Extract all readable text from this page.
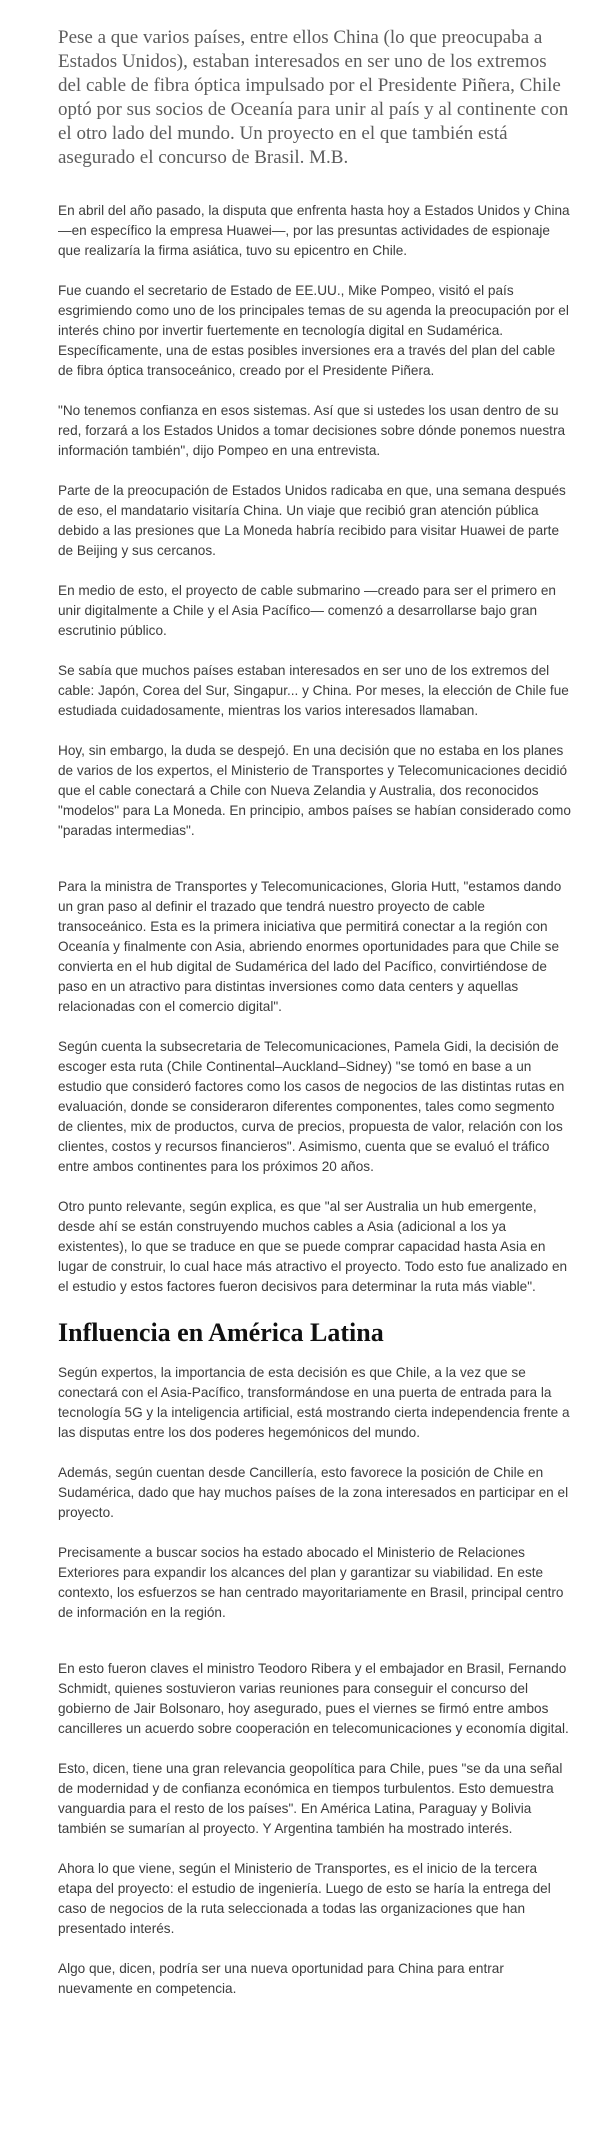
Pese a que varios países, entre ellos China (lo que preocupaba a Estados Unidos), estaban interesados en ser uno de los extremos del cable de fibra óptica impulsado por el Presidente Piñera, Chile optó por sus socios de Oceanía para unir al país y al continente con el otro lado del mundo. Un proyecto en el que también está asegurado el concurso de Brasil. M.B.

En abril del año pasado, la disputa que enfrenta hasta hoy a Estados Unidos y China —en específico la empresa Huawei—, por las presuntas actividades de espionaje que realizaría la firma asiática, tuvo su epicentro en Chile.

Fue cuando el secretario de Estado de EE.UU., Mike Pompeo, visitó el país esgrimiendo como uno de los principales temas de su agenda la preocupación por el interés chino por invertir fuertemente en tecnología digital en Sudamérica. Específicamente, una de estas posibles inversiones era a través del plan del cable de fibra óptica transoceánico, creado por el Presidente Piñera.

"No tenemos confianza en esos sistemas. Así que si ustedes los usan dentro de su red, forzará a los Estados Unidos a tomar decisiones sobre dónde ponemos nuestra información también", dijo Pompeo en una entrevista.

Parte de la preocupación de Estados Unidos radicaba en que, una semana después de eso, el mandatario visitaría China. Un viaje que recibió gran atención pública debido a las presiones que La Moneda habría recibido para visitar Huawei de parte de Beijing y sus cercanos.

En medio de esto, el proyecto de cable submarino —creado para ser el primero en unir digitalmente a Chile y el Asia Pacífico— comenzó a desarrollarse bajo gran escrutinio público.

Se sabía que muchos países estaban interesados en ser uno de los extremos del cable: Japón, Corea del Sur, Singapur... y China. Por meses, la elección de Chile fue estudiada cuidadosamente, mientras los varios interesados llamaban.

Hoy, sin embargo, la duda se despejó. En una decisión que no estaba en los planes de varios de los expertos, el Ministerio de Transportes y Telecomunicaciones decidió que el cable conectará a Chile con Nueva Zelandia y Australia, dos reconocidos "modelos" para La Moneda. En principio, ambos países se habían considerado como "paradas intermedias".

Para la ministra de Transportes y Telecomunicaciones, Gloria Hutt, "estamos dando un gran paso al definir el trazado que tendrá nuestro proyecto de cable transoceánico. Esta es la primera iniciativa que permitirá conectar a la región con Oceanía y finalmente con Asia, abriendo enormes oportunidades para que Chile se convierta en el hub digital de Sudamérica del lado del Pacífico, convirtiéndose de paso en un atractivo para distintas inversiones como data centers y aquellas relacionadas con el comercio digital".

Según cuenta la subsecretaria de Telecomunicaciones, Pamela Gidi, la decisión de escoger esta ruta (Chile Continental–Auckland–Sidney) "se tomó en base a un estudio que consideró factores como los casos de negocios de las distintas rutas en evaluación, donde se consideraron diferentes componentes, tales como segmento de clientes, mix de productos, curva de precios, propuesta de valor, relación con los clientes, costos y recursos financieros". Asimismo, cuenta que se evaluó el tráfico entre ambos continentes para los próximos 20 años.

Otro punto relevante, según explica, es que "al ser Australia un hub emergente, desde ahí se están construyendo muchos cables a Asia (adicional a los ya existentes), lo que se traduce en que se puede comprar capacidad hasta Asia en lugar de construir, lo cual hace más atractivo el proyecto. Todo esto fue analizado en el estudio y estos factores fueron decisivos para determinar la ruta más viable".

Influencia en América Latina

Según expertos, la importancia de esta decisión es que Chile, a la vez que se conectará con el Asia-Pacífico, transformándose en una puerta de entrada para la tecnología 5G y la inteligencia artificial, está mostrando cierta independencia frente a las disputas entre los dos poderes hegemónicos del mundo.

Además, según cuentan desde Cancillería, esto favorece la posición de Chile en Sudamérica, dado que hay muchos países de la zona interesados en participar en el proyecto.

Precisamente a buscar socios ha estado abocado el Ministerio de Relaciones Exteriores para expandir los alcances del plan y garantizar su viabilidad. En este contexto, los esfuerzos se han centrado mayoritariamente en Brasil, principal centro de información en la región.

En esto fueron claves el ministro Teodoro Ribera y el embajador en Brasil, Fernando Schmidt, quienes sostuvieron varias reuniones para conseguir el concurso del gobierno de Jair Bolsonaro, hoy asegurado, pues el viernes se firmó entre ambos cancilleres un acuerdo sobre cooperación en telecomunicaciones y economía digital.

Esto, dicen, tiene una gran relevancia geopolítica para Chile, pues "se da una señal de modernidad y de confianza económica en tiempos turbulentos. Esto demuestra vanguardia para el resto de los países". En América Latina, Paraguay y Bolivia también se sumarían al proyecto. Y Argentina también ha mostrado interés.

Ahora lo que viene, según el Ministerio de Transportes, es el inicio de la tercera etapa del proyecto: el estudio de ingeniería. Luego de esto se haría la entrega del caso de negocios de la ruta seleccionada a todas las organizaciones que han presentado interés.

Algo que, dicen, podría ser una nueva oportunidad para China para entrar nuevamente en competencia.
